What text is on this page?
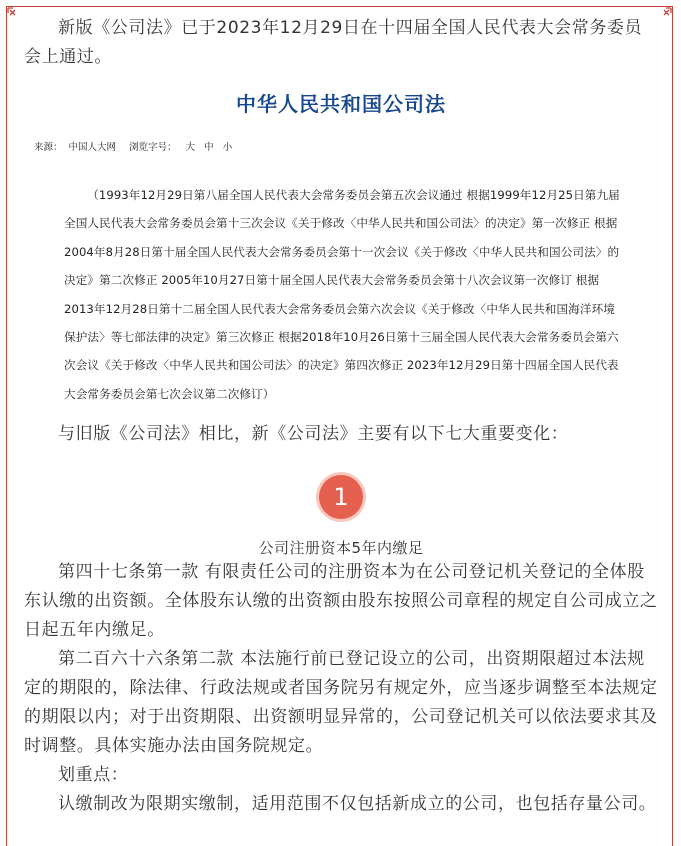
新版《公司法》已于2023年12月29日在十四届全国人民代表大会常务委员会上通过。

中华人民共和国公司法
来源： 中国人大网 浏览字号： 大 中 小

（1993年12月29日第八届全国人民代表大会常务委员会第五次会议通过 根据1999年12月25日第九届全国人民代表大会常务委员会第十三次会议《关于修改〈中华人民共和国公司法〉的决定》第一次修正 根据2004年8月28日第十届全国人民代表大会常务委员会第十一次会议《关于修改〈中华人民共和国公司法〉的决定》第二次修正 2005年10月27日第十届全国人民代表大会常务委员会第十八次会议第一次修订 根据2013年12月28日第十二届全国人民代表大会常务委员会第六次会议《关于修改〈中华人民共和国海洋环境保护法〉等七部法律的决定》第三次修正 根据2018年10月26日第十三届全国人民代表大会常务委员会第六次会议《关于修改〈中华人民共和国公司法〉的决定》第四次修正 2023年12月29日第十四届全国人民代表大会常务委员会第七次会议第二次修订）

与旧版《公司法》相比，新《公司法》主要有以下七大重要变化：

1
公司注册资本5年内缴足

第四十七条第一款 有限责任公司的注册资本为在公司登记机关登记的全体股东认缴的出资额。全体股东认缴的出资额由股东按照公司章程的规定自公司成立之日起五年内缴足。

第二百六十六条第二款 本法施行前已登记设立的公司，出资期限超过本法规定的期限的，除法律、行政法规或者国务院另有规定外，应当逐步调整至本法规定的期限以内；对于出资期限、出资额明显异常的，公司登记机关可以依法要求其及时调整。具体实施办法由国务院规定。

划重点：

认缴制改为限期实缴制，适用范围不仅包括新成立的公司，也包括存量公司。
